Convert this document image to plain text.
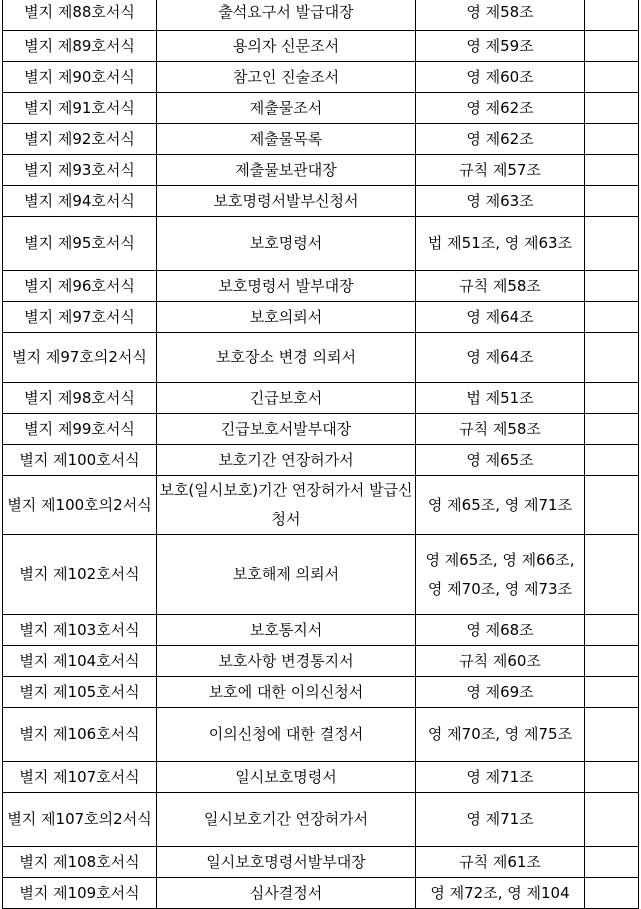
별지 제88호서식	출석요구서 발급대장	영 제58조	
별지 제89호서식	용의자 신문조서	영 제59조	
별지 제90호서식	참고인 진술조서	영 제60조	
별지 제91호서식	제출물조서	영 제62조	
별지 제92호서식	제출물목록	영 제62조	
별지 제93호서식	제출물보관대장	규칙 제57조	
별지 제94호서식	보호명령서발부신청서	영 제63조	
별지 제95호서식	보호명령서	법 제51조, 영 제63조	
별지 제96호서식	보호명령서 발부대장	규칙 제58조	
별지 제97호서식	보호의뢰서	영 제64조	
별지 제97호의2서식	보호장소 변경 의뢰서	영 제64조	
별지 제98호서식	긴급보호서	법 제51조	
별지 제99호서식	긴급보호서발부대장	규칙 제58조	
별지 제100호서식	보호기간 연장허가서	영 제65조	
별지 제100호의2서식	보호(일시보호)기간 연장허가서 발급신청서	영 제65조, 영 제71조	
별지 제102호서식	보호해제 의뢰서	영 제65조, 영 제66조, 영 제70조, 영 제73조	
별지 제103호서식	보호통지서	영 제68조	
별지 제104호서식	보호사항 변경통지서	규칙 제60조	
별지 제105호서식	보호에 대한 이의신청서	영 제69조	
별지 제106호서식	이의신청에 대한 결정서	영 제70조, 영 제75조	
별지 제107호서식	일시보호명령서	영 제71조	
별지 제107호의2서식	일시보호기간 연장허가서	영 제71조	
별지 제108호서식	일시보호명령서발부대장	규칙 제61조	
별지 제109호서식	심사결정서	영 제72조, 영 제104	
